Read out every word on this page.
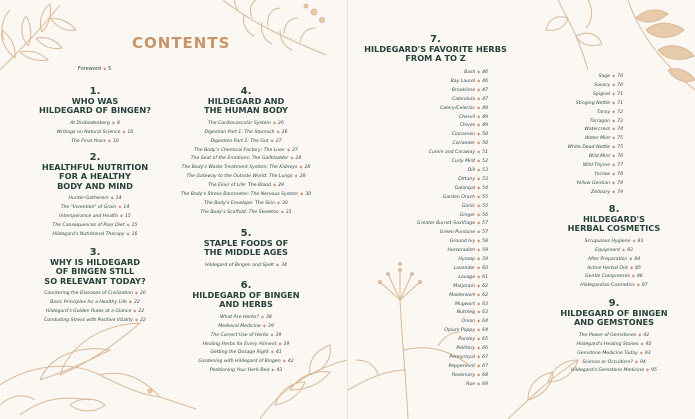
CONTENTS
Foreword ◆ 5
1.
WHO WAS
HILDEGARD OF BINGEN?
At Disibodenberg ◆ 8
Writings on Natural Science ◆ 10
The Final Years ◆ 10
2.
HEALTHFUL NUTRITION
FOR A HEALTHY
BODY AND MIND
Hunter-Gatherers ◆ 14
The "Invention" of Grain ◆ 14
Intemperance and Health ◆ 15
The Consequences of Poor Diet ◆ 15
Hildegard's Nutritional Therapy ◆ 16
3.
WHY IS HILDEGARD
OF BINGEN STILL
SO RELEVANT TODAY?
Countering the Diseases of Civilization ◆ 20
Basic Principles for a Healthy Life ◆ 22
Hildegard's Golden Rules at a Glance ◆ 22
Combating Stress with Positive Vitality ◆ 22
4.
HILDEGARD AND
THE HUMAN BODY
The Cardiovascular System ◆ 26
Digestion Part 1: The Stomach ◆ 26
Digestion Part 2: The Gut ◆ 27
The Body's Chemical Factory: The Liver ◆ 27
The Seat of the Emotions: The Gallbladder ◆ 28
The Body's Waste Treatment System: The Kidneys ◆ 28
The Gateway to the Outside World: The Lungs ◆ 28
The Elixir of Life: The Blood ◆ 29
The Body's Stress Barometer: The Nervous System ◆ 30
The Body's Envelope: The Skin ◆ 30
The Body's Scaffold: The Skeleton ◆ 31
5.
STAPLE FOODS OF
THE MIDDLE AGES
Hildegard of Bingen and Spelt ◆ 34
6.
HILDEGARD OF BINGEN
AND HERBS
What Are Herbs? ◆ 38
Medieval Medicine ◆ 39
The Correct Use of Herbs ◆ 39
Healing Herbs for Every Ailment ◆ 39
Getting the Dosage Right ◆ 41
Gardening with Hildegard of Bingen ◆ 42
Positioning Your Herb Bed ◆ 43
7.
HILDEGARD'S FAVORITE HERBS
FROM A TO Z
Basil ◆ 46
Bay Laurel ◆ 46
Brooklime ◆ 47
Calendula ◆ 47
Celery/Celeriac ◆ 48
Chervil ◆ 49
Chives ◆ 49
Cinnamon ◆ 50
Coriander ◆ 50
Cumin and Caraway ◆ 51
Curly Mint ◆ 52
Dill ◆ 53
Dittany ◆ 53
Galangal ◆ 54
Garden Orach ◆ 55
Garlic ◆ 55
Ginger ◆ 56
Greater Burnet-Saxifrage ◆ 57
Green Purslane ◆ 57
Ground Ivy ◆ 58
Horseradish ◆ 59
Hyssop ◆ 59
Lavender ◆ 60
Lovage ◆ 61
Marjoram ◆ 62
Masterwort ◆ 62
Mugwort ◆ 63
Nutmeg ◆ 63
Onion ◆ 64
Opium Poppy ◆ 64
Parsley ◆ 65
Pellitory ◆ 66
Pennyroyal ◆ 67
Peppermint ◆ 67
Rosemary ◆ 68
Rue ◆ 69
Sage ◆ 70
Savory ◆ 70
Spignel ◆ 71
Stinging Nettle ◆ 71
Tansy ◆ 72
Tarragon ◆ 73
Watercress ◆ 74
Water Mint ◆ 75
White Dead-Nettle ◆ 75
Wild Mint ◆ 76
Wild Thyme ◆ 77
Yarrow ◆ 78
Yellow Gentian ◆ 79
Zedoary ◆ 79
8.
HILDEGARD'S
HERBAL COSMETICS
Scrupulous Hygiene ◆ 83
Equipment ◆ 83
After Preparation ◆ 84
Active Herbal Oils ◆ 85
Gentle Compresses ◆ 86
Hildegardian Cosmetics ◆ 87
9.
HILDEGARD OF BINGEN
AND GEMSTONES
The Power of Gemstones ◆ 92
Hildegard's Healing Stones ◆ 92
Gemstone Medicine Today ◆ 93
Science or Occultism? ◆ 94
Hildegard's Gemstone Medicine ◆ 95
